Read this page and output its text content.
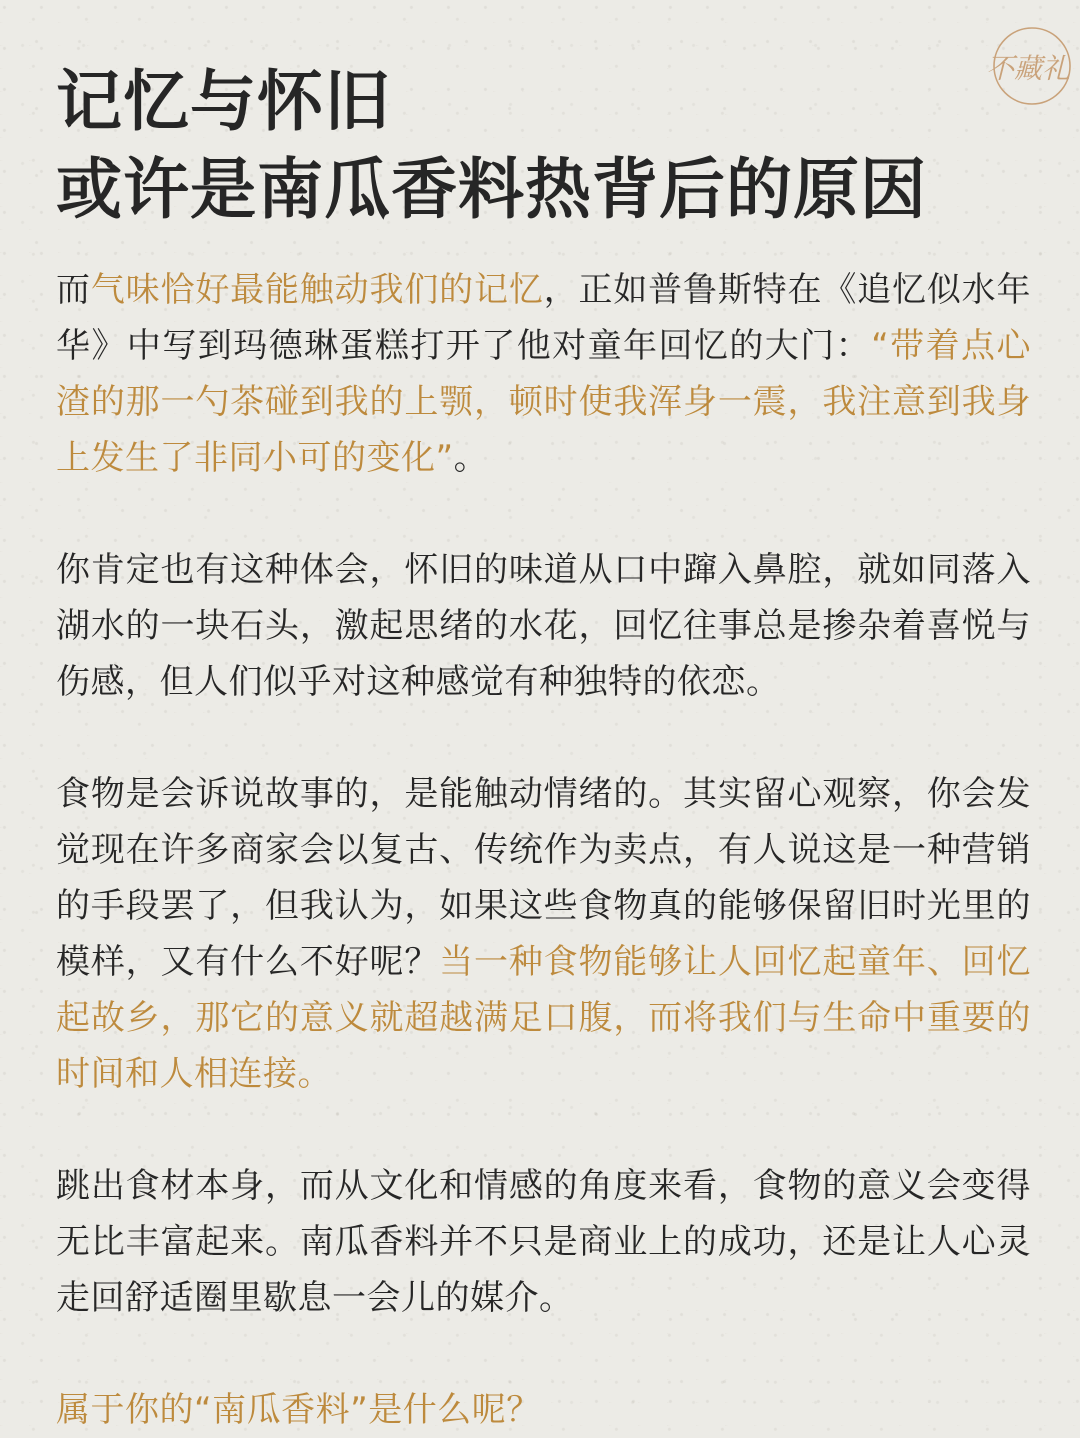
不藏礼
记忆与怀旧
或许是南瓜香料热背后的原因

而气味恰好最能触动我们的记忆，正如普鲁斯特在《追忆似水年华》中写到玛德琳蛋糕打开了他对童年回忆的大门：“带着点心渣的那一勺茶碰到我的上颚，顿时使我浑身一震，我注意到我身上发生了非同小可的变化”。

你肯定也有这种体会，怀旧的味道从口中蹿入鼻腔，就如同落入湖水的一块石头，激起思绪的水花，回忆往事总是掺杂着喜悦与伤感，但人们似乎对这种感觉有种独特的依恋。

食物是会诉说故事的，是能触动情绪的。其实留心观察，你会发觉现在许多商家会以复古、传统作为卖点，有人说这是一种营销的手段罢了，但我认为，如果这些食物真的能够保留旧时光里的模样，又有什么不好呢？当一种食物能够让人回忆起童年、回忆起故乡，那它的意义就超越满足口腹，而将我们与生命中重要的时间和人相连接。

跳出食材本身，而从文化和情感的角度来看，食物的意义会变得无比丰富起来。南瓜香料并不只是商业上的成功，还是让人心灵走回舒适圈里歇息一会儿的媒介。

属于你的“南瓜香料”是什么呢？
